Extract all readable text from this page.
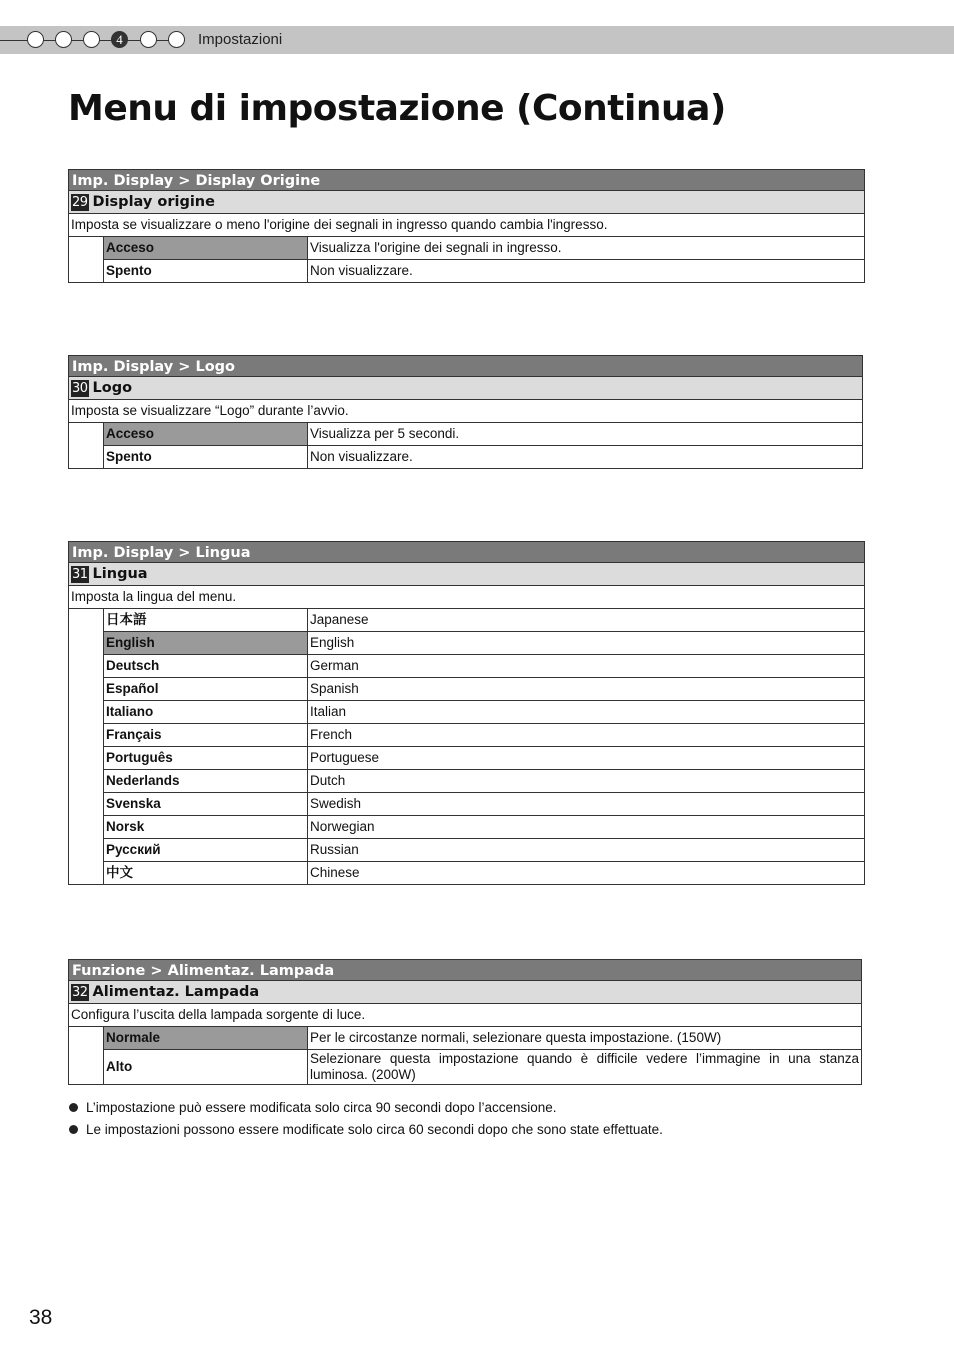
4	Impostazioni
Menu di impostazione (Continua)
Imp. Display > Display Origine
29 Display origine
Imposta se visualizzare o meno l'origine dei segnali in ingresso quando cambia l'ingresso.
Acceso	Visualizza l'origine dei segnali in ingresso.
Spento	Non visualizzare.
Imp. Display > Logo
30 Logo
Imposta se visualizzare “Logo” durante l’avvio.
Acceso	Visualizza per 5 secondi.
Spento	Non visualizzare.
Imp. Display > Lingua
31 Lingua
Imposta la lingua del menu.
日本語	Japanese
English	English
Deutsch	German
Español	Spanish
Italiano	Italian
Français	French
Português	Portuguese
Nederlands	Dutch
Svenska	Swedish
Norsk	Norwegian
Русский	Russian
中文	Chinese
Funzione > Alimentaz. Lampada
32 Alimentaz. Lampada
Configura l’uscita della lampada sorgente di luce.
Normale	Per le circostanze normali, selezionare questa impostazione. (150W)
Alto	Selezionare questa impostazione quando è difficile vedere l’immagine in una stanza luminosa. (200W)
L’impostazione può essere modificata solo circa 90 secondi dopo l’accensione.
Le impostazioni possono essere modificate solo circa 60 secondi dopo che sono state effettuate.
38
